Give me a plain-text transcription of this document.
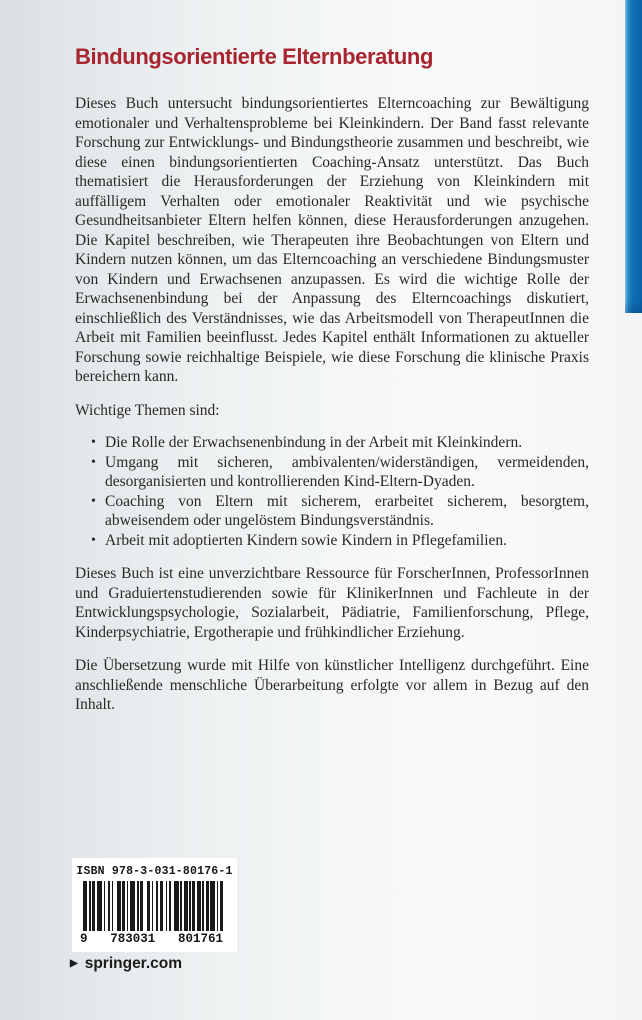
Bindungsorientierte Elternberatung

Dieses Buch untersucht bindungsorientiertes Elterncoaching zur Bewältigung emotionaler und Verhaltensprobleme bei Kleinkindern. Der Band fasst relevante Forschung zur Entwicklungs- und Bindungstheorie zusammen und beschreibt, wie diese einen bindungsorientierten Coaching-Ansatz unterstützt. Das Buch thematisiert die Herausforderungen der Erziehung von Kleinkindern mit auffälligem Verhalten oder emotionaler Reaktivität und wie psychische Gesundheitsanbieter Eltern helfen können, diese Herausforderungen anzugehen. Die Kapitel beschreiben, wie Therapeuten ihre Beobachtungen von Eltern und Kindern nutzen können, um das Elterncoaching an verschiedene Bindungsmuster von Kindern und Erwachsenen anzupassen. Es wird die wichtige Rolle der Erwachsenenbindung bei der Anpassung des Elterncoachings diskutiert, einschließlich des Verständnisses, wie das Arbeitsmodell von TherapeutInnen die Arbeit mit Familien beeinflusst. Jedes Kapitel enthält Informationen zu aktueller Forschung sowie reichhaltige Beispiele, wie diese Forschung die klinische Praxis bereichern kann.

Wichtige Themen sind:

• Die Rolle der Erwachsenenbindung in der Arbeit mit Kleinkindern.
• Umgang mit sicheren, ambivalenten/widerständigen, vermeidenden, desorganisierten und kontrollierenden Kind-Eltern-Dyaden.
• Coaching von Eltern mit sicherem, erarbeitet sicherem, besorgtem, abweisendem oder ungelöstem Bindungsverständnis.
• Arbeit mit adoptierten Kindern sowie Kindern in Pflegefamilien.

Dieses Buch ist eine unverzichtbare Ressource für ForscherInnen, ProfessorInnen und Graduiertenstudierenden sowie für KlinikerInnen und Fachleute in der Entwicklungspsychologie, Sozialarbeit, Pädiatrie, Familienforschung, Pflege, Kinderpsychiatrie, Ergotherapie und frühkindlicher Erziehung.

Die Übersetzung wurde mit Hilfe von künstlicher Intelligenz durchgeführt. Eine anschließende menschliche Überarbeitung erfolgte vor allem in Bezug auf den Inhalt.

ISBN 978-3-031-80176-1
9 783031 801761
▶ springer.com
